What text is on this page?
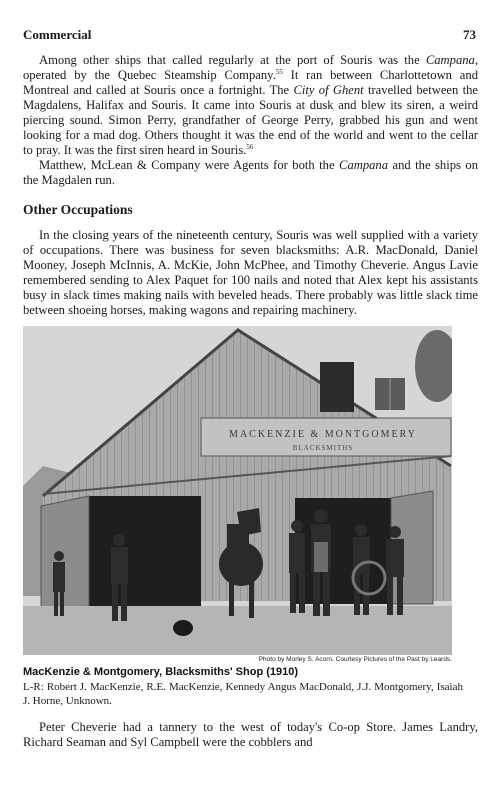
Commercial	73

Among other ships that called regularly at the port of Souris was the Campana, operated by the Quebec Steamship Company.$^{55}$ It ran between Charlottetown and Montreal and called at Souris once a fortnight. The City of Ghent travelled between the Magdalens, Halifax and Souris. It came into Souris at dusk and blew its siren, a weird piercing sound. Simon Perry, grandfather of George Perry, grabbed his gun and went looking for a mad dog. Others thought it was the end of the world and went to the cellar to pray. It was the first siren heard in Souris.$^{56}$

Matthew, McLean & Company were Agents for both the Campana and the ships on the Magdalen run.

Other Occupations

In the closing years of the nineteenth century, Souris was well supplied with a variety of occupations. There was business for seven blacksmiths: A.R. MacDonald, Daniel Mooney, Joseph McInnis, A. McKie, John McPhee, and Timothy Cheverie. Angus Lavie remembered sending to Alex Paquet for 100 nails and noted that Alex kept his assistants busy in slack times making nails with beveled heads. There probably was little slack time between shoeing horses, making wagons and repairing machinery.

MACKENZIE & MONTGOMERY
BLACKSMITHS
Photo by Morley S. Acorn. Courtesy Pictures of the Past by Leards.
MacKenzie & Montgomery, Blacksmiths' Shop (1910)
L-R: Robert J. MacKenzie, R.E. MacKenzie, Kennedy Angus MacDonald, J.J. Montgomery, Isaiah J. Horne, Unknown.

Peter Cheverie had a tannery to the west of today's Co-op Store. James Landry, Richard Seaman and Syl Campbell were the cobblers and
